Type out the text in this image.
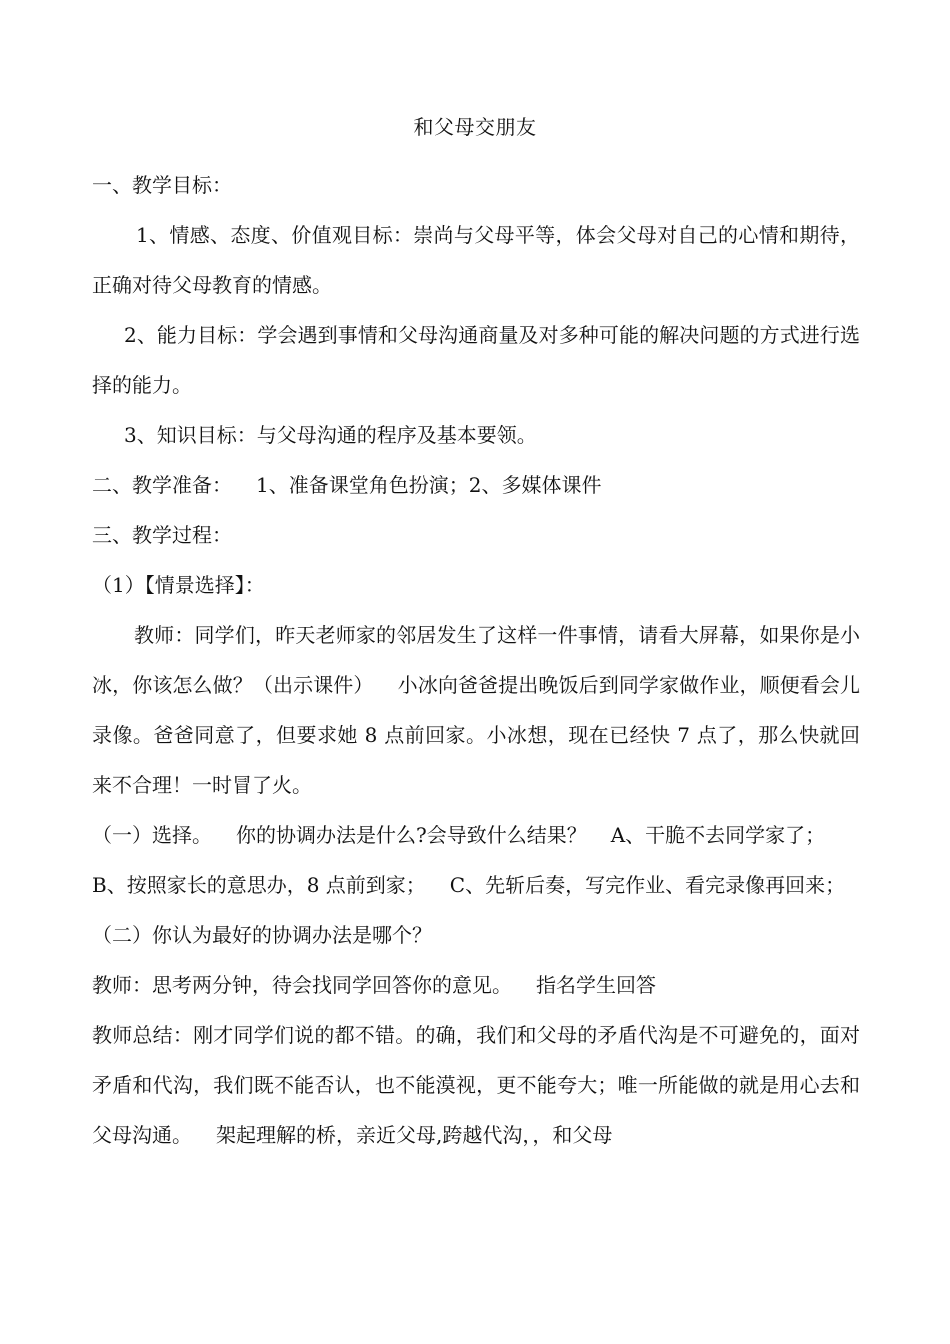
和父母交朋友

一、教学目标：

1、情感、态度、价值观目标：崇尚与父母平等，体会父母对自己的心情和期待，正确对待父母教育的情感。

2、能力目标：学会遇到事情和父母沟通商量及对多种可能的解决问题的方式进行选择的能力。

3、知识目标：与父母沟通的程序及基本要领。

二、教学准备： 1、准备课堂角色扮演；2、多媒体课件

三、教学过程：

（1）【情景选择】：

教师：同学们，昨天老师家的邻居发生了这样一件事情，请看大屏幕，如果你是小冰，你该怎么做？（出示课件） 小冰向爸爸提出晚饭后到同学家做作业，顺便看会儿录像。爸爸同意了，但要求她 8 点前回家。小冰想，现在已经快 7 点了，那么快就回来不合理！一时冒了火。

（一）选择。 你的协调办法是什么?会导致什么结果？ A、干脆不去同学家了；

B、按照家长的意思办，8 点前到家； C、先斩后奏，写完作业、看完录像再回来；

（二）你认为最好的协调办法是哪个？

教师：思考两分钟，待会找同学回答你的意见。 指名学生回答

教师总结：刚才同学们说的都不错。的确，我们和父母的矛盾代沟是不可避免的，面对矛盾和代沟，我们既不能否认，也不能漠视，更不能夸大；唯一所能做的就是用心去和父母沟通。 架起理解的桥，亲近父母,跨越代沟，，和父母
